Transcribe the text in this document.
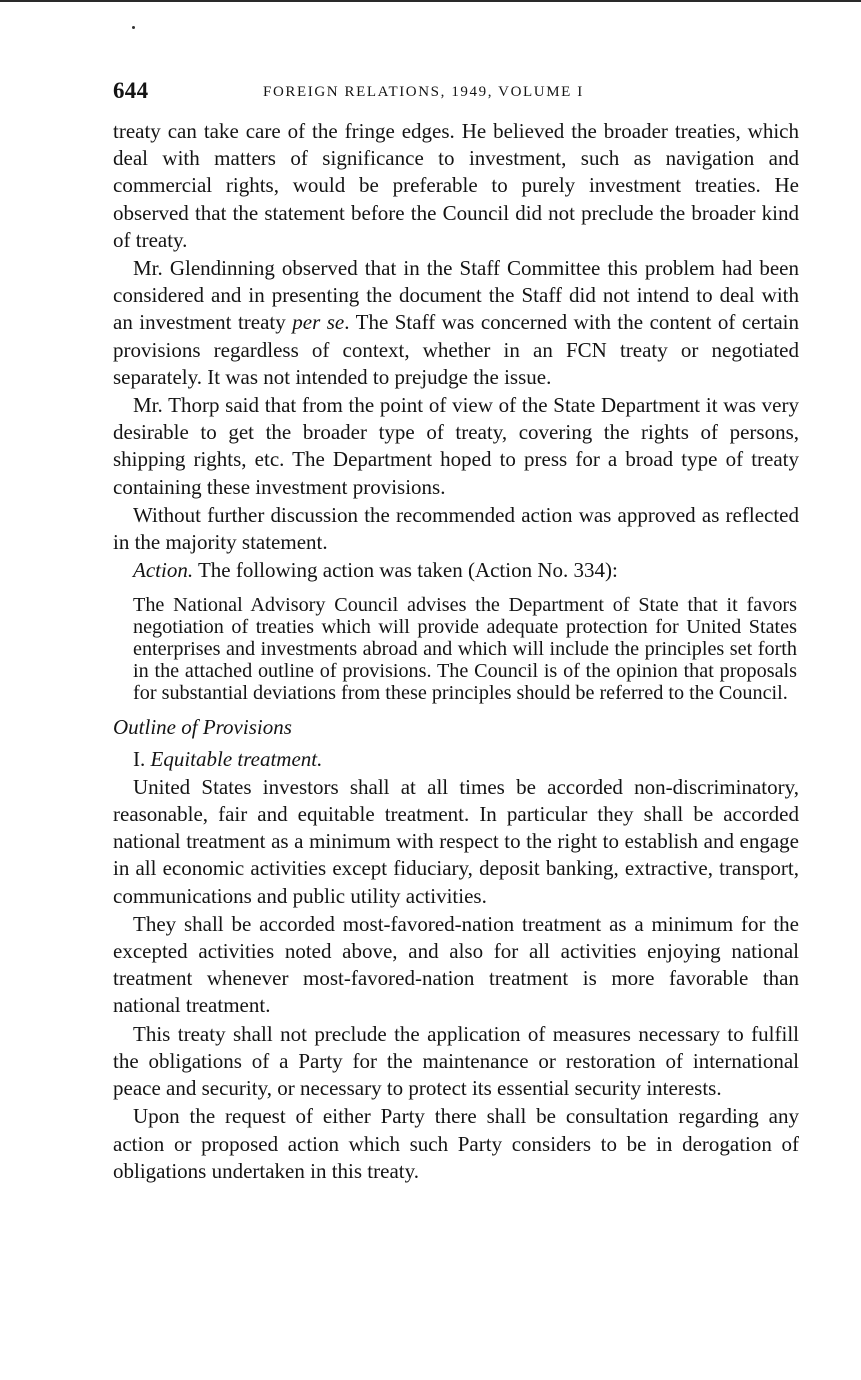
644	FOREIGN RELATIONS, 1949, VOLUME I

treaty can take care of the fringe edges. He believed the broader treaties, which deal with matters of significance to investment, such as navigation and commercial rights, would be preferable to purely investment treaties. He observed that the statement before the Council did not preclude the broader kind of treaty.

Mr. Glendinning observed that in the Staff Committee this problem had been considered and in presenting the document the Staff did not intend to deal with an investment treaty per se. The Staff was concerned with the content of certain provisions regardless of context, whether in an FCN treaty or negotiated separately. It was not intended to prejudge the issue.

Mr. Thorp said that from the point of view of the State Department it was very desirable to get the broader type of treaty, covering the rights of persons, shipping rights, etc. The Department hoped to press for a broad type of treaty containing these investment provisions.

Without further discussion the recommended action was approved as reflected in the majority statement.

Action. The following action was taken (Action No. 334):

The National Advisory Council advises the Department of State that it favors negotiation of treaties which will provide adequate protection for United States enterprises and investments abroad and which will include the principles set forth in the attached outline of provisions. The Council is of the opinion that proposals for substantial deviations from these principles should be referred to the Council.

Outline of Provisions

I. Equitable treatment.

United States investors shall at all times be accorded non-discriminatory, reasonable, fair and equitable treatment. In particular they shall be accorded national treatment as a minimum with respect to the right to establish and engage in all economic activities except fiduciary, deposit banking, extractive, transport, communications and public utility activities.

They shall be accorded most-favored-nation treatment as a minimum for the excepted activities noted above, and also for all activities enjoying national treatment whenever most-favored-nation treatment is more favorable than national treatment.

This treaty shall not preclude the application of measures necessary to fulfill the obligations of a Party for the maintenance or restoration of international peace and security, or necessary to protect its essential security interests.

Upon the request of either Party there shall be consultation regarding any action or proposed action which such Party considers to be in derogation of obligations undertaken in this treaty.
